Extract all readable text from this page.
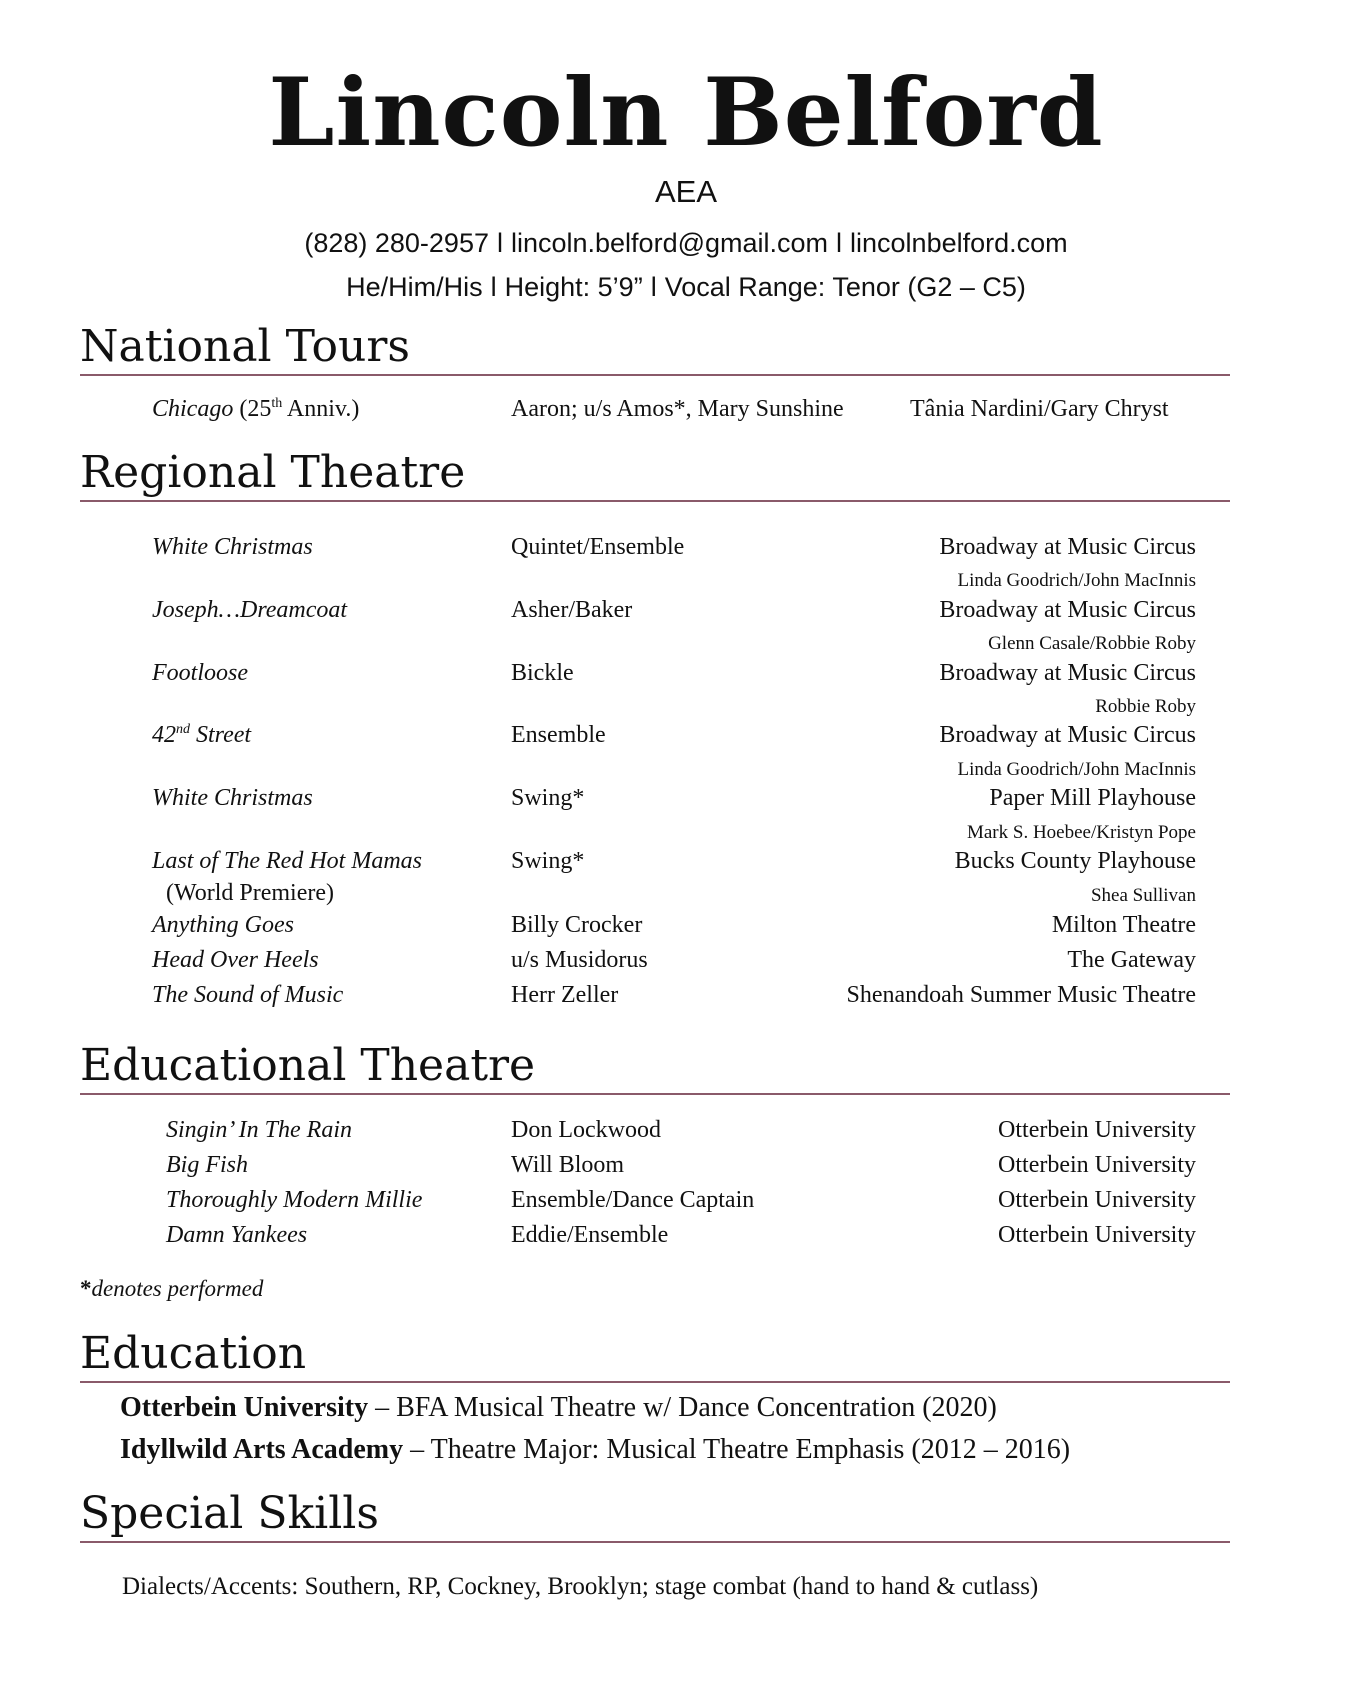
Lincoln Belford
AEA
(828) 280-2957 l lincoln.belford@gmail.com l lincolnbelford.com
He/Him/His l Height: 5’9” l Vocal Range: Tenor (G2 – C5)
National Tours
Chicago (25th Anniv.)	Aaron; u/s Amos*, Mary Sunshine	Tânia Nardini/Gary Chryst
Regional Theatre
White Christmas	Quintet/Ensemble	Broadway at Music Circus
Linda Goodrich/John MacInnis
Joseph…Dreamcoat	Asher/Baker	Broadway at Music Circus
Glenn Casale/Robbie Roby
Footloose	Bickle	Broadway at Music Circus
Robbie Roby
42nd Street	Ensemble	Broadway at Music Circus
Linda Goodrich/John MacInnis
White Christmas	Swing*	Paper Mill Playhouse
Mark S. Hoebee/Kristyn Pope
Last of The Red Hot Mamas	Swing*	Bucks County Playhouse
(World Premiere)	Shea Sullivan
Anything Goes	Billy Crocker	Milton Theatre
Head Over Heels	u/s Musidorus	The Gateway
The Sound of Music	Herr Zeller	Shenandoah Summer Music Theatre
Educational Theatre
Singin’ In The Rain	Don Lockwood	Otterbein University
Big Fish	Will Bloom	Otterbein University
Thoroughly Modern Millie	Ensemble/Dance Captain	Otterbein University
Damn Yankees	Eddie/Ensemble	Otterbein University
*denotes performed
Education
Otterbein University – BFA Musical Theatre w/ Dance Concentration (2020)
Idyllwild Arts Academy – Theatre Major: Musical Theatre Emphasis (2012 – 2016)
Special Skills
Dialects/Accents: Southern, RP, Cockney, Brooklyn; stage combat (hand to hand & cutlass)
